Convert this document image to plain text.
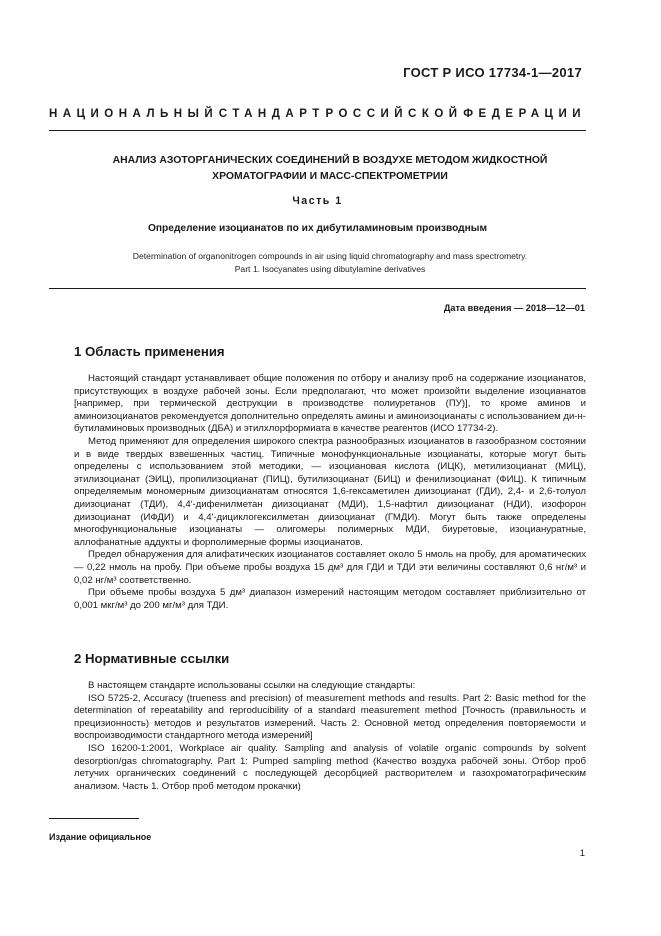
ГОСТ Р ИСО 17734-1—2017
НАЦИОНАЛЬНЫЙ СТАНДАРТ РОССИЙСКОЙ ФЕДЕРАЦИИ
АНАЛИЗ АЗОТОРГАНИЧЕСКИХ СОЕДИНЕНИЙ В ВОЗДУХЕ МЕТОДОМ ЖИДКОСТНОЙ
ХРОМАТОГРАФИИ И МАСС-СПЕКТРОМЕТРИИ
Часть 1
Определение изоцианатов по их дибутиламиновым производным
Determination of organonitrogen compounds in air using liquid chromatography and mass spectrometry.
Part 1. Isocyanates using dibutylamine derivatives
Дата введения — 2018—12—01
1 Область применения

Настоящий стандарт устанавливает общие положения по отбору и анализу проб на содержание изоцианатов, присутствующих в воздухе рабочей зоны. Если предполагают, что может произойти выделение изоцианатов [например, при термической деструкции в производстве полиуретанов (ПУ)], то кроме аминов и аминоизоцианатов рекомендуется дополнительно определять амины и аминоизоцианаты с использованием ди-н-бутиламиновых производных (ДБА) и этилхлорформиата в качестве реагентов (ИСО 17734-2).

Метод применяют для определения широкого спектра разнообразных изоцианатов в газообразном состоянии и в виде твердых взвешенных частиц. Типичные монофункциональные изоцианаты, которые могут быть определены с использованием этой методики, — изоциановая кислота (ИЦК), метилизоцианат (МИЦ), этилизоцианат (ЭИЦ), пропилизоцианат (ПИЦ), бутилизоцианат (БИЦ) и фенилизоцианат (ФИЦ). К типичным определяемым мономерным диизоцианатам относятся 1,6-гексаметилен диизоцианат (ГДИ), 2,4- и 2,6-толуол диизоцианат (ТДИ), 4,4′-дифенилметан диизоцианат (МДИ), 1,5-нафтил диизоцианат (НДИ), изофорон диизоцианат (ИФДИ) и 4,4′-дициклогексилметан диизоцианат (ГМДИ). Могут быть также определены многофункциональные изоцианаты — олигомеры полимерных МДИ, биуретовые, изоциануратные, аллофанатные аддукты и форполимерные формы изоцианатов.

Предел обнаружения для алифатических изоцианатов составляет около 5 нмоль на пробу, для ароматических — 0,22 нмоль на пробу. При объеме пробы воздуха 15 дм³ для ГДИ и ТДИ эти величины составляют 0,6 нг/м³ и 0,02 нг/м³ соответственно.

При объеме пробы воздуха 5 дм³ диапазон измерений настоящим методом составляет приблизительно от 0,001 мкг/м³ до 200 мг/м³ для ТДИ.

2 Нормативные ссылки

В настоящем стандарте использованы ссылки на следующие стандарты:

ISO 5725-2, Accuracy (trueness and precision) of measurement methods and results. Part 2: Basic method for the determination of repeatability and reproducibility of a standard measurement method [Точность (правильность и прецизионность) методов и результатов измерений. Часть 2. Основной метод определения повторяемости и воспроизводимости стандартного метода измерений]

ISO 16200-1:2001, Workplace air quality. Sampling and analysis of volatile organic compounds by solvent desorption/gas chromatography. Part 1: Pumped sampling method (Качество воздуха рабочей зоны. Отбор проб летучих органических соединений с последующей десорбцией растворителем и газохроматографическим анализом. Часть 1. Отбор проб методом прокачки)

Издание официальное
1
